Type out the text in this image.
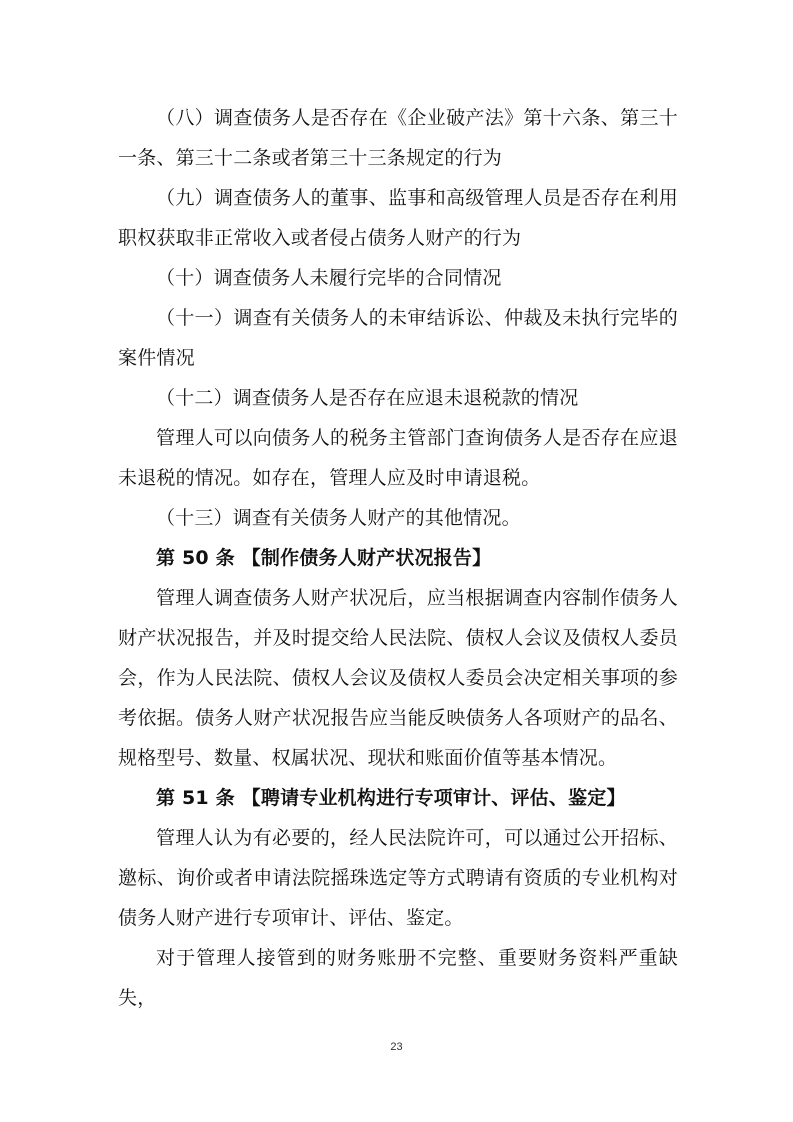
（八）调查债务人是否存在《企业破产法》第十六条、第三十一条、第三十二条或者第三十三条规定的行为

（九）调查债务人的董事、监事和高级管理人员是否存在利用职权获取非正常收入或者侵占债务人财产的行为

（十）调查债务人未履行完毕的合同情况

（十一）调查有关债务人的未审结诉讼、仲裁及未执行完毕的案件情况

（十二）调查债务人是否存在应退未退税款的情况

管理人可以向债务人的税务主管部门查询债务人是否存在应退未退税的情况。如存在，管理人应及时申请退税。

（十三）调查有关债务人财产的其他情况。

第 50 条 【制作债务人财产状况报告】

管理人调查债务人财产状况后，应当根据调查内容制作债务人财产状况报告，并及时提交给人民法院、债权人会议及债权人委员会，作为人民法院、债权人会议及债权人委员会决定相关事项的参考依据。债务人财产状况报告应当能反映债务人各项财产的品名、规格型号、数量、权属状况、现状和账面价值等基本情况。

第 51 条 【聘请专业机构进行专项审计、评估、鉴定】

管理人认为有必要的，经人民法院许可，可以通过公开招标、邀标、询价或者申请法院摇珠选定等方式聘请有资质的专业机构对债务人财产进行专项审计、评估、鉴定。

对于管理人接管到的财务账册不完整、重要财务资料严重缺失，

23
